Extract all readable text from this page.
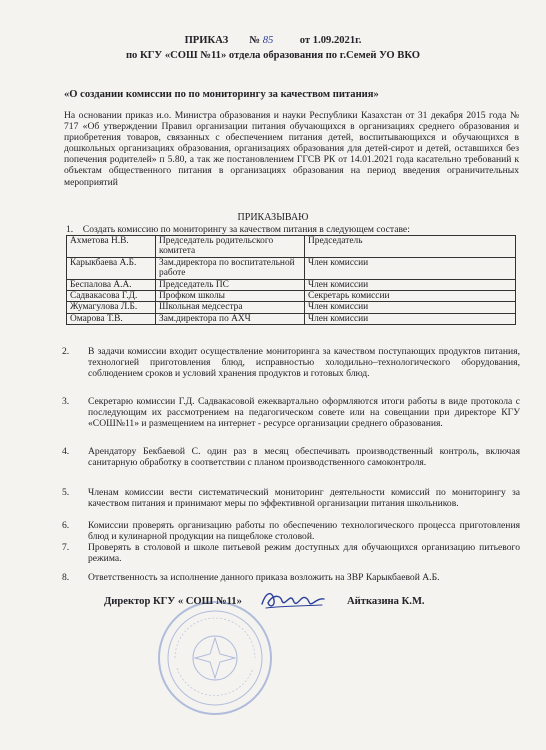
ПРИКАЗ № 85 от 1.09.2021г.
по КГУ «СОШ №11» отдела образования по г.Семей УО ВКО
«О создании комиссии по по мониторингу за качеством питания»
На основании приказ и.о. Министра образования и науки Республики Казахстан от 31 декабря 2015 года № 717 «Об утверждении Правил организации питания обучающихся в организациях среднего образования и приобретения товаров, связанных с обеспечением питания детей, воспитывающихся и обучающихся в дошкольных организациях образования, организациях образования для детей-сирот и детей, оставшихся без попечения родителей» п 5.80, а так же постановлением ГГСВ РК от 14.01.2021 года касательно требований к объектам общественного питания в организациях образования на период введения ограничительных мероприятий
ПРИКАЗЫВАЮ
1. Создать комиссию по мониторингу за качеством питания в следующем составе:
Ахметова Н.В.	Председатель родительского комитета	Председатель
Карыкбаева А.Б.	Зам.директора по воспитательной работе	Член комиссии
Беспалова А.А.	Председатель ПС	Член комиссии
Садвакасова Г.Д.	Профком школы	Секретарь комиссии
Жумагулова Л.Б.	Школьная медсестра	Член комиссии
Омарова Т.В.	Зам.директора по АХЧ	Член комиссии
2.	В задачи комиссии входит осуществление мониторинга за качеством поступающих продуктов питания, технологией приготовления блюд, исправностью холодильно–технологического оборудования, соблюдением сроков и условий хранения продуктов и готовых блюд.
3.	Секретарю комиссии Г.Д. Садвакасовой ежеквартально оформляются итоги работы в виде протокола с последующим их рассмотрением на педагогическом совете или на совещании при директоре КГУ «СОШ№11» и размещением на интернет - ресурсе организации среднего образования.
4.	Арендатору Бекбаевой С. один раз в месяц обеспечивать производственный контроль, включая санитарную обработку в соответствии с планом производственного самоконтроля.
5.	Членам комиссии вести систематический мониторинг деятельности комиссий по мониторингу за качеством питания и принимают меры по эффективной организации питания школьников.
6.	Комиссии проверять организацию работы по обеспечению технологического процесса приготовления блюд и кулинарной продукции на пищеблоке столовой.
7.	Проверять в столовой и школе питьевой режим доступных для обучающихся организацию питьевого режима.
8.	Ответственность за исполнение данного приказа возложить на ЗВР Карыкбаевой А.Б.
Директор КГУ « СОШ №11»	Айтказина К.М.
